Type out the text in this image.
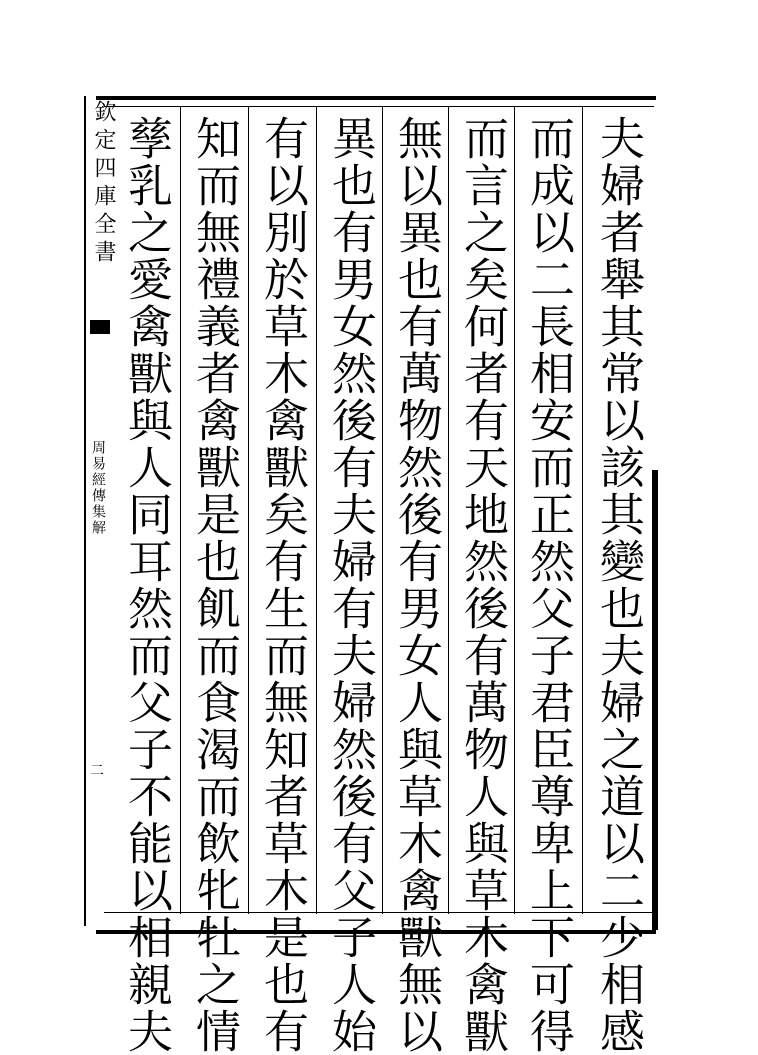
欽定四庫全書
周易經傳集解
二	夫婦者舉其常以該其變也夫婦之道以二少相感
而成以二長相安而正然父子君臣尊卑上下可得
而言之矣何者有天地然後有萬物人與草木禽獸
無以異也有萬物然後有男女人與草木禽獸無以
異也有男女然後有夫婦有夫婦然後有父子人始
有以別於草木禽獸矣有生而無知者草木是也有
知而無禮義者禽獸是也飢而食渴而飲牝牡之情
孳乳之愛禽獸與人同耳然而父子不能以相親夫
